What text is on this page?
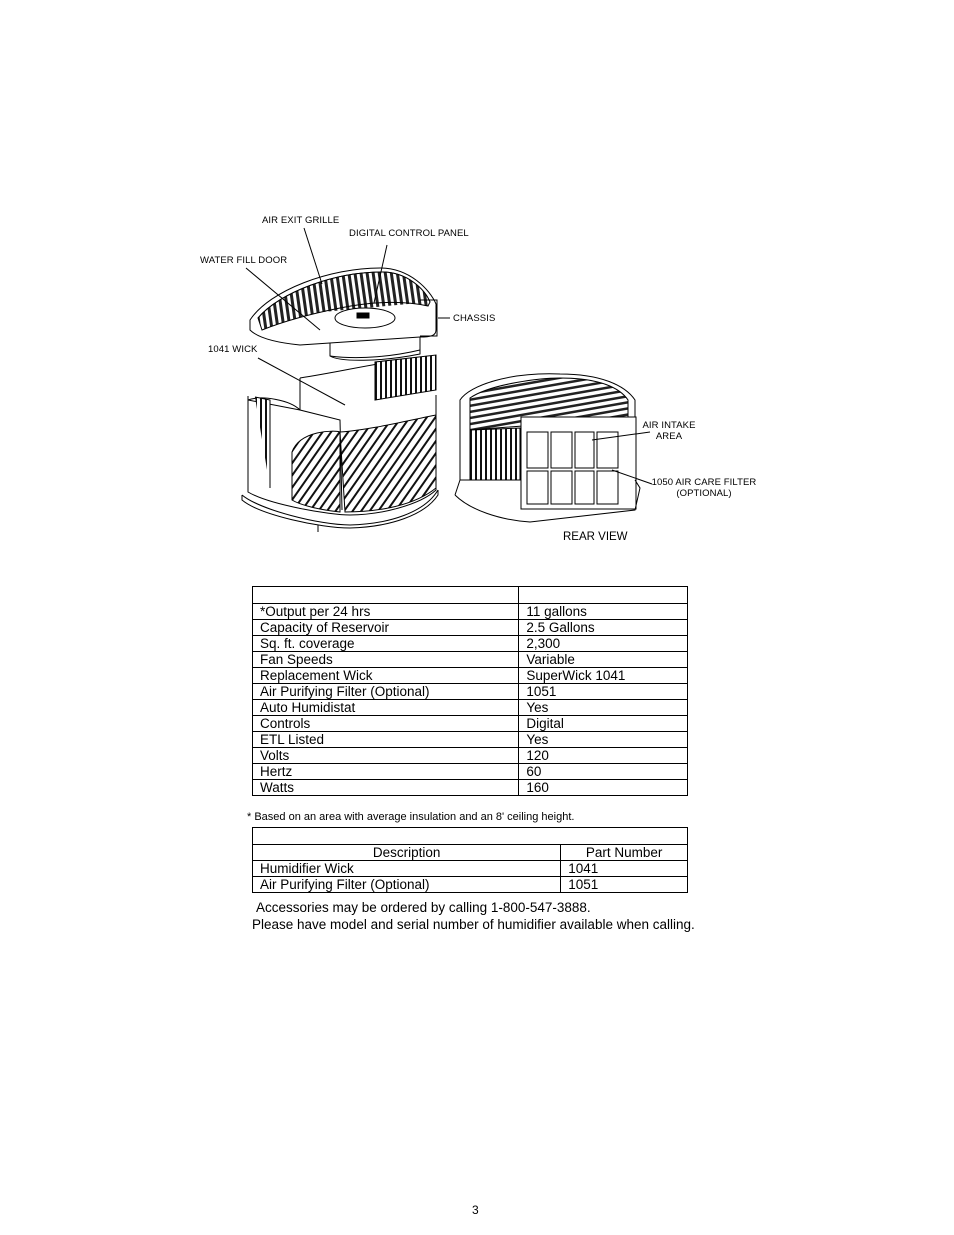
AIR EXIT GRILLE
DIGITAL CONTROL PANEL
WATER FILL DOOR
CHASSIS
1041 WICK
AIR INTAKE
AREA
1050 AIR CARE FILTER
(OPTIONAL)
REAR VIEW

*Output per 24 hrs	11 gallons
Capacity of Reservoir	2.5 Gallons
Sq. ft. coverage	2,300
Fan Speeds	Variable
Replacement Wick	SuperWick 1041
Air Purifying Filter (Optional)	1051
Auto Humidistat	Yes
Controls	Digital
ETL Listed	Yes
Volts	120
Hertz	60
Watts	160
* Based on an area with average insulation and an 8' ceiling height.

Description	Part Number
Humidifier Wick	1041
Air Purifying Filter (Optional)	1051
Accessories may be ordered by calling 1-800-547-3888.
Please have model and serial number of humidifier available when calling.
3
